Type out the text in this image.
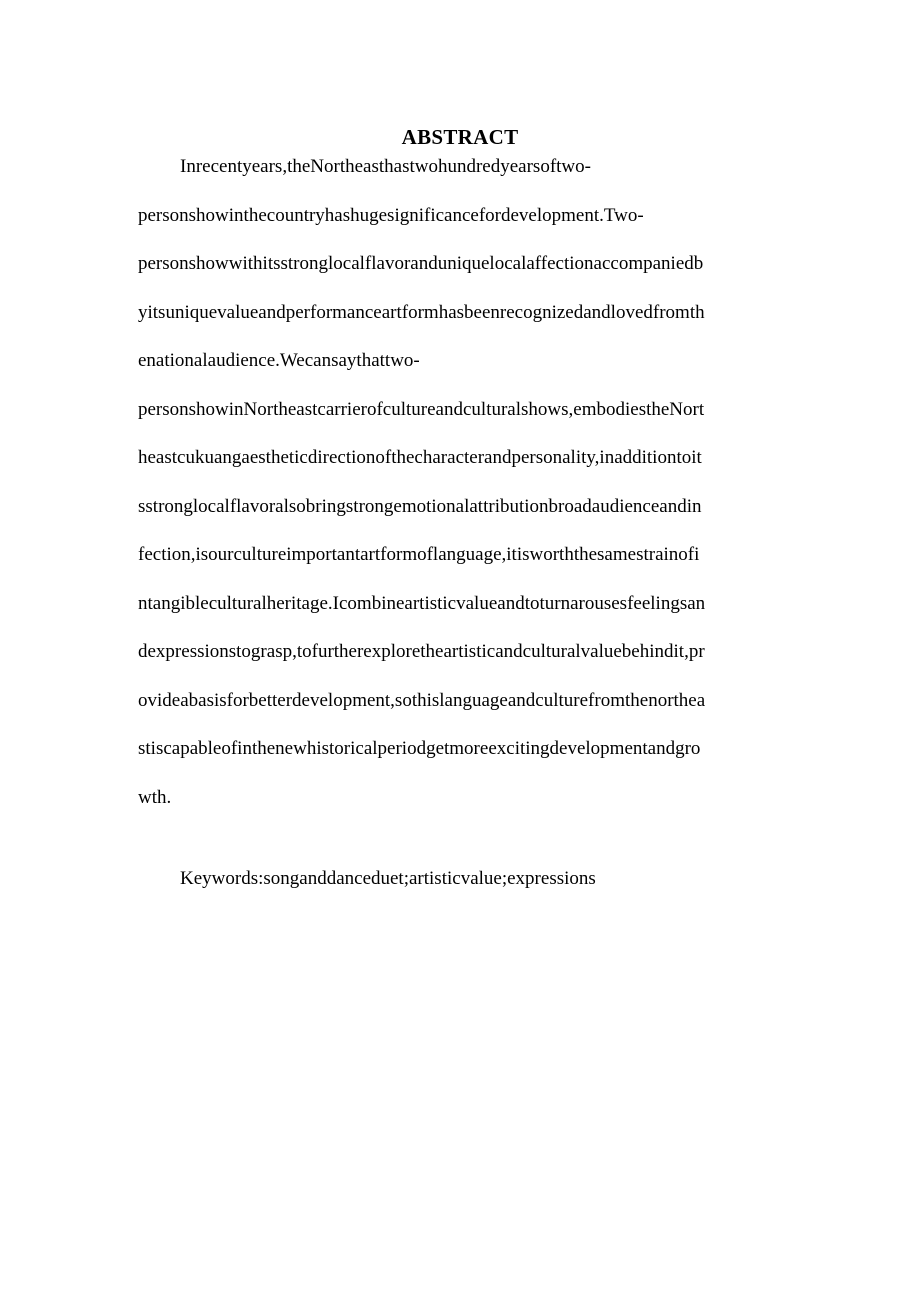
ABSTRACT
Inrecentyears,theNortheasthastwohundredyearsoftwo-
personshowinthecountryhashugesignificancefordevelopment.Two-
personshowwithitsstronglocalflavoranduniquelocalaffectionaccompaniedb
yitsuniquevalueandperformanceartformhasbeenrecognizedandlovedfromth
enationalaudience.Wecansaythattwo-
personshowinNortheastcarrierofcultureandculturalshows,embodiestheNort
heastcukuangaestheticdirectionofthecharacterandpersonality,inadditiontoit
sstronglocalflavoralsobringstrongemotionalattributionbroadaudienceandin
fection,isourcultureimportantartformoflanguage,itisworththesamestrainofi
ntangibleculturalheritage.Icombineartisticvalueandtoturnarousesfeelingsan
dexpressionstograsp,tofurtherexploretheartisticandculturalvaluebehindit,pr
ovideabasisforbetterdevelopment,sothislanguageandculturefromthenorthea
stiscapableofinthenewhistoricalperiodgetmoreexcitingdevelopmentandgro
wth.
Keywords:songanddanceduet;artisticvalue;expressions
